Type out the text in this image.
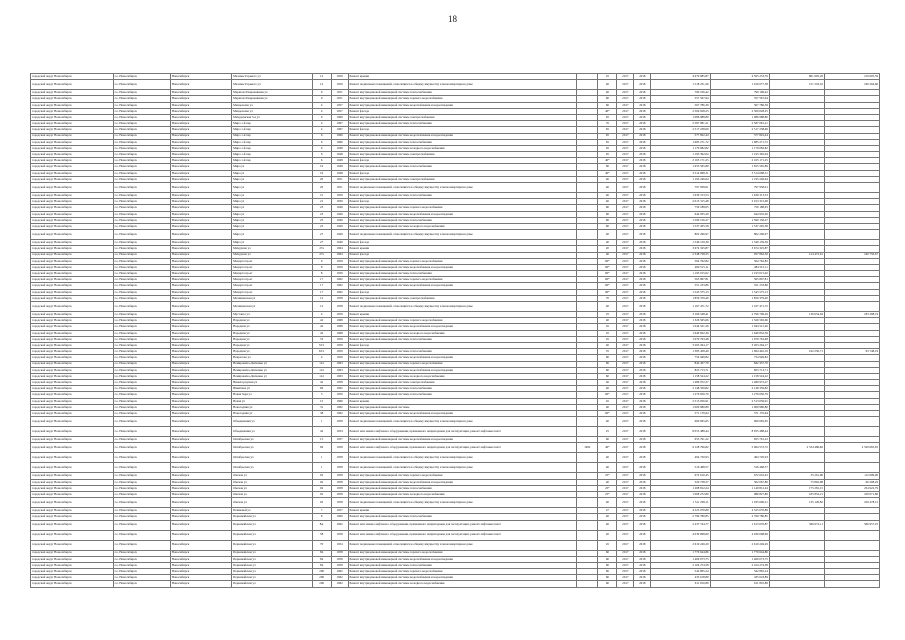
18
городской округ Новосибирск	г.о. Новосибирск	Новосибирск	Маломы Горького ул	12	1959	Ремонт крыши		25	2017	2018	4 679 985,87	4 595 253,79	861 995,29	219 605,59
городской округ Новосибирск	г.о. Новосибирск	Новосибирск	Маломы Горького ул	12	1959	Ремонт подвальных помещений, относящихся к общему имуществу в многоквартирном доме		40	2017	2018	1 518 231,26	1 016 077,58	151 518,16	196 294,60
городской округ Новосибирск	г.о. Новосибирск	Новосибирск	Маршала Покрышкина ул	9	1951	Ремонт внутридомовой инженерной системы теплоснабжения		40	2017	2018	790 106,42	790 106,42		
городской округ Новосибирск	г.о. Новосибирск	Новосибирск	Маршала Покрышкина ул	9	1951	Ремонт внутридомовой инженерной системы горячего водоснабжения		60	2017	2018	557 567,94	557 567,94		
городской округ Новосибирск	г.о. Новосибирск	Новосибирск	Менделеева ул	4	1957	Ремонт внутридомовой инженерной системы водоснабжения и водоотведения		60	2017	2018	567 786,39	567 786,39		
городской округ Новосибирск	г.о. Новосибирск	Новосибирск	Менделеева ул	4	1957	Ремонт фасада		40*	2017	2018	2 509 028,25	2 509 028,25		
городской округ Новосибирск	г.о. Новосибирск	Новосибирск	Мичуринская 3-я ул	6	1969	Ремонт внутридомовой инженерной системы электроснабжения		65	2017	2018	1 086 988,80	1 086 988,80		
городской округ Новосибирск	г.о. Новосибирск	Новосибирск	Мира 1-й пер	4	1967	Ремонт внутридомовой инженерной системы теплоснабжения		70	2017	2018	2 587 081,21	2 587 081,21		
городской округ Новосибирск	г.о. Новосибирск	Новосибирск	Мира 1-й пер	4	1967	Ремонт фасада		65	2017	2018	2 517 238,69	2 517 238,69		
городской округ Новосибирск	г.о. Новосибирск	Новосибирск	Мира 1-й пер	6	1966	Ремонт внутридомовой инженерной системы водоснабжения и водоотведения		65	2017	2018	577 822,44	577 822,44		
городской округ Новосибирск	г.о. Новосибирск	Новосибирск	Мира 1-й пер	6	1966	Ремонт внутридомовой инженерной системы теплоснабжения		65	2017	2018	1 685 271,72	1 685 271,72		
городской округ Новосибирск	г.о. Новосибирск	Новосибирск	Мира 1-й пер	6	1948	Ремонт внутридомовой инженерной системы холодного водоснабжения		65	2017	2018	1 179 082,82	1 179 082,82		
городской округ Новосибирск	г.о. Новосибирск	Новосибирск	Мира 1-й пер	6	1948	Ремонт внутридомовой инженерной системы электроснабжения		65	2017	2018	1 193 392,04	1 193 392,04		
городской округ Новосибирск	г.о. Новосибирск	Новосибирск	Мира 1-й пер	6	1948	Ремонт фасада		40*	2017	2018	2 165 171,25	2 165 171,25		
городской округ Новосибирск	г.о. Новосибирск	Новосибирск	Мира ул	19	1948	Ремонт внутридомовой инженерной системы теплоснабжения		60	2017	2018	1 655 565,89	1 655 565,89		
городской округ Новосибирск	г.о. Новосибирск	Новосибирск	Мира ул	19	1948	Ремонт фасада		40*	2017	2018	3 514 698,31	3 514 698,31		
городской округ Новосибирск	г.о. Новосибирск	Новосибирск	Мира ул	20	1951	Ремонт внутридомовой инженерной системы электроснабжения		40	2017	2018	1 195 246,64	1 195 246,64		
городской округ Новосибирск	г.о. Новосибирск	Новосибирск	Мира ул	20	1951	Ремонт подвальных помещений, относящихся к общему имуществу в многоквартирном доме		40	2017	2018	797 958,01	797 958,01		
городской округ Новосибирск	г.о. Новосибирск	Новосибирск	Мира ул	21	1959	Ремонт внутридомовой инженерной системы теплоснабжения		40	2017	2018	1 639 313,53	1 639 313,53		
городской округ Новосибирск	г.о. Новосибирск	Новосибирск	Мира ул	21	1959	Ремонт фасада		40	2017	2018	2 013 315,48	2 013 315,48		
городской округ Новосибирск	г.о. Новосибирск	Новосибирск	Мира ул	23	1949	Ремонт внутридомовой инженерной системы горячего водоснабжения		60	2017	2018	750 188,05	750 188,05		
городской округ Новосибирск	г.о. Новосибирск	Новосибирск	Мира ул	23	1949	Ремонт внутридомовой инженерной системы водоснабжения и водоотведения		60	2017	2018	644 935,20	644 935,20		
городской округ Новосибирск	г.о. Новосибирск	Новосибирск	Мира ул	25	1949	Ремонт внутридомовой инженерной системы теплоснабжения		60	2017	2018	1 590 156,27	1 590 156,27		
городской округ Новосибирск	г.о. Новосибирск	Новосибирск	Мира ул	25	1949	Ремонт внутридомовой инженерной системы холодного водоснабжения		60	2017	2018	1 537 205,58	1 537 205,58		
городской округ Новосибирск	г.о. Новосибирск	Новосибирск	Мира ул	27	1949	Ремонт подвальных помещений, относящихся к общему имуществу в многоквартирном доме		40	2017	2018	802 296,97	802 296,97		
городской округ Новосибирск	г.о. Новосибирск	Новосибирск	Мира ул	27	1949	Ремонт фасада		40	2017	2018	1 549 159,39	1 549 159,39		
городской округ Новосибирск	г.о. Новосибирск	Новосибирск	Мичурина ул	27а	1964	Ремонт крыши		20	2017	2018	3 674 325,87	3 674 325,87		
городской округ Новосибирск	г.о. Новосибирск	Новосибирск	Мичурина ул	27а	1964	Ремонт фасада		40	2017	2018	2 348 728,55	957 862,50	124 472,61	166 750,67
городской округ Новосибирск	г.о. Новосибирск	Новосибирск	Моцарта пр-кт	6	1959	Ремонт внутридомовой инженерной системы горячего водоснабжения		60*	2017	2018	564 762,82	564 762,82		
городской округ Новосибирск	г.о. Новосибирск	Новосибирск	Моцарта пр-кт	8	1959	Ремонт внутридомовой инженерной системы водоснабжения и водоотведения		60*	2017	2018	484 515,11	484 515,11		
городской округ Новосибирск	г.о. Новосибирск	Новосибирск	Моцарта пр-кт	8	1959	Ремонт внутридомовой инженерной системы теплоснабжения		60*	2017	2018	1 193 015,02	1 193 015,02		
городской округ Новосибирск	г.о. Новосибирск	Новосибирск	Моцарта пр-кт	17	1962	Ремонт внутридомовой инженерной системы горячего водоснабжения		60*	2017	2018	565 897,81	565 897,81		
городской округ Новосибирск	г.о. Новосибирск	Новосибирск	Моцарта пр-кт	17	1962	Ремонт внутридомовой инженерной системы водоснабжения и водоотведения		60*	2017	2018	551 233,86	551 233,86		
городской округ Новосибирск	г.о. Новосибирск	Новосибирск	Моцарта пр-кт	17	1962	Ремонт фасада		60*	2017	2018	1 543 575,13	1 543 575,13		
городской округ Новосибирск	г.о. Новосибирск	Новосибирск	Мочищенская ул	12	1958	Ремонт внутридомовой инженерной системы электроснабжения		70	2017	2018	1 859 379,40	1 859 379,40		
городской округ Новосибирск	г.о. Новосибирск	Новосибирск	Мочищенская ул	12	1958	Ремонт подвальных помещений, относящихся к общему имуществу в многоквартирном доме		40	2017	2018	1 167 471,72	1 167 471,72		
городской округ Новосибирск	г.о. Новосибирск	Новосибирск	Мустанга ул	4	1959	Ремонт крыши		25	2017	2018	3 166 548,41	2 796 796,29	136 654,04	183 208,19
городской округ Новосибирск	г.о. Новосибирск	Новосибирск	Народная ул	42	1968	Ремонт внутридомовой инженерной системы горячего водоснабжения		40	2017	2018	1 326 565,66	1 326 565,66		
городской округ Новосибирск	г.о. Новосибирск	Новосибирск	Народная ул	42	1968	Ремонт внутридомовой инженерной системы водоснабжения и водоотведения		45	2017	2018	1 044 521,26	1 044 521,26		
городской округ Новосибирск	г.о. Новосибирск	Новосибирск	Народная ул	42	1968	Ремонт внутридомовой инженерной системы холодного водоснабжения		45	2017	2018	1 649 832,39	1 649 832,39		
городской округ Новосибирск	г.о. Новосибирск	Новосибирск	Народная ул	53	1959	Ремонт внутридомовой инженерной системы теплоснабжения		45	2017	2018	1 079 763,48	1 079 763,48		
городской округ Новосибирск	г.о. Новосибирск	Новосибирск	Народная ул	53/1	1959	Ремонт фасада		40	2017	2018	3 263 264,17	3 263 264,17		
городской округ Новосибирск	г.о. Новосибирск	Новосибирск	Народная ул	63/1	1959	Ремонт внутридомовой инженерной системы теплоснабжения		55	2017	2018	1 385 458,49	1 064 445,19	192 250,71	63 748,19
городской округ Новосибирск	г.о. Новосибирск	Новосибирск	Некрасова ул	4	1956	Ремонт внутридомовой инженерной системы водоснабжения и водоотведения		60	2017	2018	754 949,82	754 949,82		
городской округ Новосибирск	г.о. Новосибирск	Новосибирск	Немировича-Данченко ул	141	1963	Ремонт внутридомовой инженерной системы горячего водоснабжения		60	2017	2018	842 457,70	842 457,70		
городской округ Новосибирск	г.о. Новосибирск	Новосибирск	Немировича-Данченко ул	141	1963	Ремонт внутридомовой инженерной системы водоснабжения и водоотведения		60	2017	2018	823 713,71	823 713,71		
городской округ Новосибирск	г.о. Новосибирск	Новосибирск	Немировича-Данченко ул	141	1963	Ремонт внутридомовой инженерной системы холодного водоснабжения		60	2017	2018	1 158 524,22	1 158 524,22		
городской округ Новосибирск	г.о. Новосибирск	Новосибирск	Нижегородская ул	42	1958	Ремонт внутридомовой инженерной системы электроснабжения		40	2017	2018	1 489 972,27	1 489 972,27		
городской округ Новосибирск	г.о. Новосибирск	Новосибирск	Никитина ул	69	1962	Ремонт внутридомовой инженерной системы теплоснабжения		40	2017	2018	2 148 359,82	2 148 359,82		
городской округ Новосибирск	г.о. Новосибирск	Новосибирск	Новая Заря ул	5	1956	Ремонт внутридомовой инженерной системы теплоснабжения		60*	2017	2018	1 276 650,79	1 276 650,79		
городской округ Новосибирск	г.о. Новосибирск	Новосибирск	Новая ул	15	1960	Ремонт крыши		45	2017	2018	2 513 056,91	2 513 056,91		
городской округ Новосибирск	г.о. Новосибирск	Новосибирск	Новогодняя ул	31	1962	Ремонт внутридомовой инженерной системы		40	2017	2018	1 009 980,80	1 009 980,80		
городской округ Новосибирск	г.о. Новосибирск	Новосибирск	Новогодняя ул	38	1962	Ремонт внутридомовой инженерной системы водоснабжения и водоотведения		60*	2017	2018	571 170,64	571 170,64		
городской округ Новосибирск	г.о. Новосибирск	Новосибирск	Объединения ул	1	1958	Ремонт подвальных помещений, относящихся к общему имуществу в многоквартирном доме		40	2017	2018	669 665,65	669 665,65		
городской округ Новосибирск	г.о. Новосибирск	Новосибирск	Объединения ул	42	1954	Ремонт или замена лифтового оборудования, признанного непригодным для эксплуатации, ремонт лифтовых шахт		25	2017	2018	8 055 488,44	8 055 488,44		
городской округ Новосибирск	г.о. Новосибирск	Новосибирск	Октябрьская ул	15	1957	Ремонт внутридомовой инженерной системы водоснабжения и водоотведения		60	2017	2018	655 761,22	655 761,22		
городской округ Новосибирск	г.о. Новосибирск	Новосибирск	Октябрьская ул	69	1958	Ремонт или замена лифтового оборудования, признанного непригодным для эксплуатации, ремонт лифтовых шахт	1992	40*	2017	2018	9 128 796,82	5 064 572,72	2 534 486,66	2 529 665,65
городской округ Новосибирск	г.о. Новосибирск	Новосибирск	Октябрьская ул	1	1958	Ремонт подвальных помещений, относящихся к общему имуществу в многоквартирном доме		40	2017	2018	494 720,93	494 720,93		
городской округ Новосибирск	г.о. Новосибирск	Новосибирск	Октябрьская ул	1	1958	Ремонт подвальных помещений, относящихся к общему имуществу в многоквартирном доме		40	2017	2018	516 468,57	516 468,57		
городской округ Новосибирск	г.о. Новосибирск	Новосибирск	Омская ул	92	1958	Ремонт внутридомовой инженерной системы горячего водоснабжения		25*	2017	2018	672 610,45	672 610,45	35 261,96	112 699,90
городской округ Новосибирск	г.о. Новосибирск	Новосибирск	Омская ул	92	1958	Ремонт внутридомовой инженерной системы водоснабжения и водоотведения		40	2017	2018	520 738,57	502 067,80	75 862,98	66 208,29
городской округ Новосибирск	г.о. Новосибирск	Новосибирск	Омская ул	92	1958	Ремонт внутридомовой инженерной системы теплоснабжения		25*	2017	2018	1 208 812,24	1 140 812,24	175 281,15	254 922,79
городской округ Новосибирск	г.о. Новосибирск	Новосибирск	Омская ул	92	1958	Ремонт внутридомовой инженерной системы холодного водоснабжения		25*	2017	2018	1 068 272,80	986 827,80	185 852,21	100 071,86
городской округ Новосибирск	г.о. Новосибирск	Новосибирск	Омская ул	92	1958	Ремонт подвальных помещений, относящихся к общему имуществу в многоквартирном доме		40	2017	2018	1 511 209,11	1 035 690,21	135 120,82	109 478,12
городской округ Новосибирск	г.о. Новосибирск	Новосибирск	Пешковой ул	7	1957	Ремонт крыши		27	2017	2018	4 525 070,89	4 525 070,89		
городской округ Новосибирск	г.о. Новосибирск	Новосибирск	Первомайская ул	8	1960	Ремонт внутридомовой инженерной системы теплоснабжения		40	2017	2018	2 799 780,85	2 799 780,85		
городской округ Новосибирск	г.о. Новосибирск	Новосибирск	Первомайская ул	8А	1962	Ремонт или замена лифтового оборудования, признанного непригодным для эксплуатации, ремонт лифтовых шахт		40	2017	2018	2 437 744,77	1 613 676,87	566 672,11	566 957,25
городской округ Новосибирск	г.о. Новосибирск	Новосибирск	Первомайская ул	58	1958	Ремонт или замена лифтового оборудования, признанного непригодным для эксплуатации, ремонт лифтовых шахт		20	2017	2018	4 039 098,69	4 039 098,69		
городской округ Новосибирск	г.о. Новосибирск	Новосибирск	Первомайская ул	70	1954	Ремонт подвальных помещений, относящихся к общему имуществу в многоквартирном доме		45	2017	2018	2 619 249,29	2 619 249,29		
городской округ Новосибирск	г.о. Новосибирск	Новосибирск	Первомайская ул	84	1958	Ремонт внутридомовой инженерной системы горячего водоснабжения		60	2017	2018	1 770 644,86	1 770 644,86		
городской округ Новосибирск	г.о. Новосибирск	Новосибирск	Первомайская ул	84	1958	Ремонт внутридомовой инженерной системы водоснабжения и водоотведения		60	2017	2018	1 469 073,75	1 469 073,75		
городской округ Новосибирск	г.о. Новосибирск	Новосибирск	Первомайская ул	84	1958	Ремонт внутридомовой инженерной системы теплоснабжения		60	2017	2018	2 104 274,58	2 104 274,58		
городской округ Новосибирск	г.о. Новосибирск	Новосибирск	Первомайская ул	206	1962	Ремонт внутридомовой инженерной системы горячего водоснабжения		60	2017	2018	542 865,24	542 865,24		
городской округ Новосибирск	г.о. Новосибирск	Новосибирск	Первомайская ул	206	1962	Ремонт внутридомовой инженерной системы водоснабжения и водоотведения		60	2017	2018	435 618,89	435 618,89		
городской округ Новосибирск	г.о. Новосибирск	Новосибирск	Первомайская ул	206	1962	Ремонт внутридомовой инженерной системы холодного водоснабжения		60	2017	2018	611 810,89	611 810,89		
